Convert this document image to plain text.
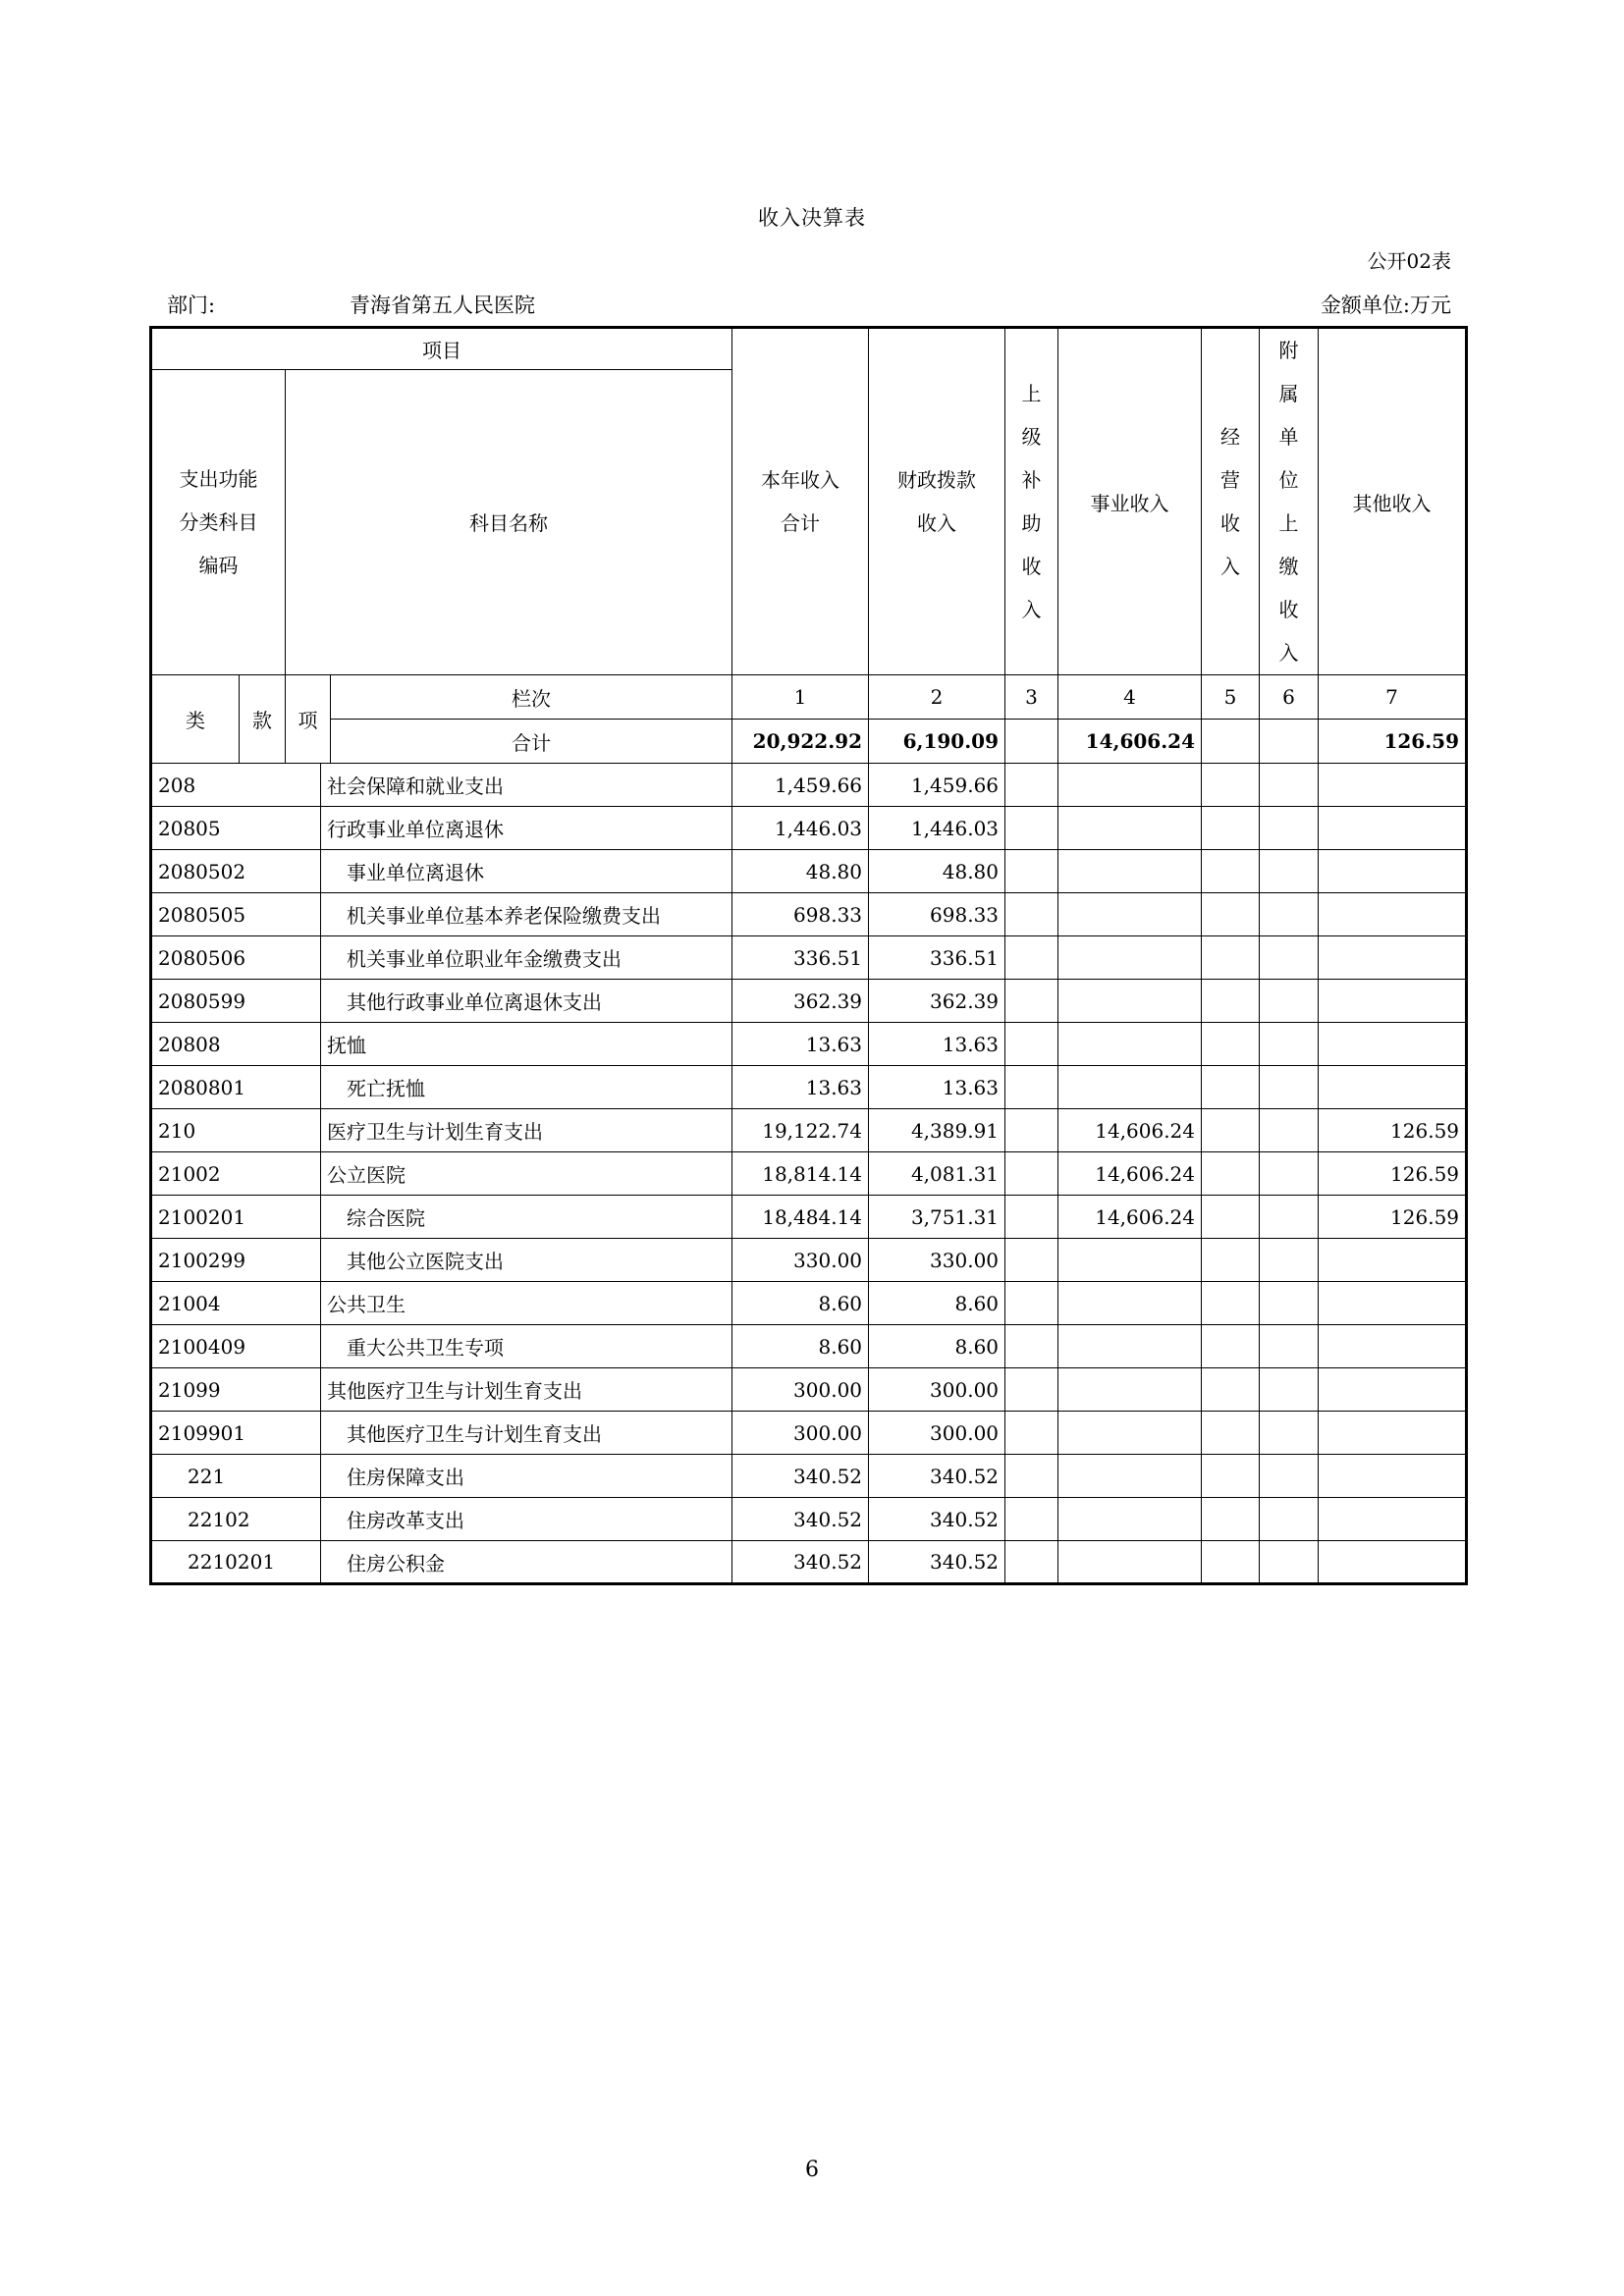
收入决算表
公开02表
部门:	青海省第五人民医院	金额单位:万元
项目					本年收入合计	财政拨款收入	上级补助收入	事业收入	经营收入	附属单位上缴收入	其他收入

支出功能分类科目编码		科目名称									
类	款	项		栏次	1	2	3	4	5	6	7
				合计	20,922.92	6,190.09		14,606.24			126.59
208			社会保障和就业支出		1,459.66	1,459.66					
20805			行政事业单位离退休		1,446.03	1,446.03					
2080502			事业单位离退休		48.80	48.80					
2080505			机关事业单位基本养老保险缴费支出		698.33	698.33					
2080506			机关事业单位职业年金缴费支出		336.51	336.51					
2080599			其他行政事业单位离退休支出		362.39	362.39					
20808			抚恤		13.63	13.63					
2080801			死亡抚恤		13.63	13.63					
210			医疗卫生与计划生育支出		19,122.74	4,389.91		14,606.24			126.59
21002			公立医院		18,814.14	4,081.31		14,606.24			126.59
2100201			综合医院		18,484.14	3,751.31		14,606.24			126.59
2100299			其他公立医院支出		330.00	330.00					
21004			公共卫生		8.60	8.60					
2100409			重大公共卫生专项		8.60	8.60					
21099			其他医疗卫生与计划生育支出		300.00	300.00					
2109901			其他医疗卫生与计划生育支出		300.00	300.00					
221			住房保障支出		340.52	340.52					
22102			住房改革支出		340.52	340.52					
2210201			住房公积金		340.52	340.52					
6
